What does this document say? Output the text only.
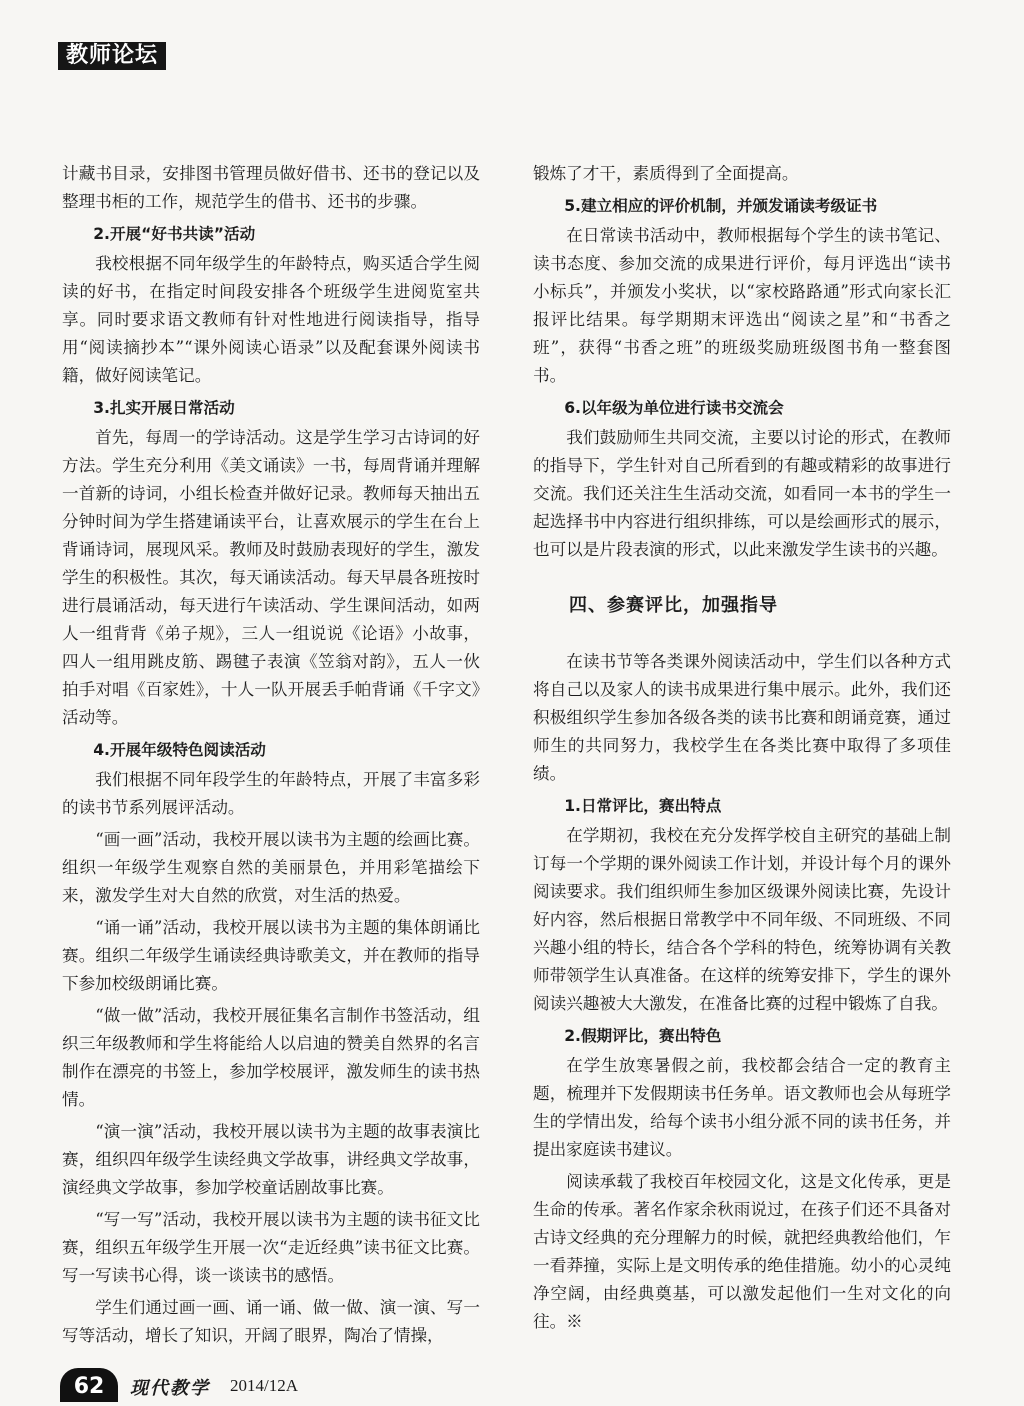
教师论坛

计藏书目录，安排图书管理员做好借书、还书的登记以及整理书柜的工作，规范学生的借书、还书的步骤。

2.开展“好书共读”活动

我校根据不同年级学生的年龄特点，购买适合学生阅读的好书，在指定时间段安排各个班级学生进阅览室共享。同时要求语文教师有针对性地进行阅读指导，指导用“阅读摘抄本”“课外阅读心语录”以及配套课外阅读书籍，做好阅读笔记。

3.扎实开展日常活动

首先，每周一的学诗活动。这是学生学习古诗词的好方法。学生充分利用《美文诵读》一书，每周背诵并理解一首新的诗词，小组长检查并做好记录。教师每天抽出五分钟时间为学生搭建诵读平台，让喜欢展示的学生在台上背诵诗词，展现风采。教师及时鼓励表现好的学生，激发学生的积极性。其次，每天诵读活动。每天早晨各班按时进行晨诵活动，每天进行午读活动、学生课间活动，如两人一组背背《弟子规》，三人一组说说《论语》小故事，四人一组用跳皮筋、踢毽子表演《笠翁对韵》，五人一伙拍手对唱《百家姓》，十人一队开展丢手帕背诵《千字文》活动等。

4.开展年级特色阅读活动

我们根据不同年段学生的年龄特点，开展了丰富多彩的读书节系列展评活动。

“画一画”活动，我校开展以读书为主题的绘画比赛。组织一年级学生观察自然的美丽景色，并用彩笔描绘下来，激发学生对大自然的欣赏，对生活的热爱。

“诵一诵”活动，我校开展以读书为主题的集体朗诵比赛。组织二年级学生诵读经典诗歌美文，并在教师的指导下参加校级朗诵比赛。

“做一做”活动，我校开展征集名言制作书签活动，组织三年级教师和学生将能给人以启迪的赞美自然界的名言制作在漂亮的书签上，参加学校展评，激发师生的读书热情。

“演一演”活动，我校开展以读书为主题的故事表演比赛，组织四年级学生读经典文学故事，讲经典文学故事，演经典文学故事，参加学校童话剧故事比赛。

“写一写”活动，我校开展以读书为主题的读书征文比赛，组织五年级学生开展一次“走近经典”读书征文比赛。写一写读书心得，谈一谈读书的感悟。

学生们通过画一画、诵一诵、做一做、演一演、写一写等活动，增长了知识，开阔了眼界，陶冶了情操，

锻炼了才干，素质得到了全面提高。

5.建立相应的评价机制，并颁发诵读考级证书

在日常读书活动中，教师根据每个学生的读书笔记、读书态度、参加交流的成果进行评价，每月评选出“读书小标兵”，并颁发小奖状，以“家校路路通”形式向家长汇报评比结果。每学期期末评选出“阅读之星”和“书香之班”，获得“书香之班”的班级奖励班级图书角一整套图书。

6.以年级为单位进行读书交流会

我们鼓励师生共同交流，主要以讨论的形式，在教师的指导下，学生针对自己所看到的有趣或精彩的故事进行交流。我们还关注生生活动交流，如看同一本书的学生一起选择书中内容进行组织排练，可以是绘画形式的展示，也可以是片段表演的形式，以此来激发学生读书的兴趣。

四、参赛评比，加强指导

在读书节等各类课外阅读活动中，学生们以各种方式将自己以及家人的读书成果进行集中展示。此外，我们还积极组织学生参加各级各类的读书比赛和朗诵竞赛，通过师生的共同努力，我校学生在各类比赛中取得了多项佳绩。

1.日常评比，赛出特点

在学期初，我校在充分发挥学校自主研究的基础上制订每一个学期的课外阅读工作计划，并设计每个月的课外阅读要求。我们组织师生参加区级课外阅读比赛，先设计好内容，然后根据日常教学中不同年级、不同班级、不同兴趣小组的特长，结合各个学科的特色，统筹协调有关教师带领学生认真准备。在这样的统筹安排下，学生的课外阅读兴趣被大大激发，在准备比赛的过程中锻炼了自我。

2.假期评比，赛出特色

在学生放寒暑假之前，我校都会结合一定的教育主题，梳理并下发假期读书任务单。语文教师也会从每班学生的学情出发，给每个读书小组分派不同的读书任务，并提出家庭读书建议。

阅读承载了我校百年校园文化，这是文化传承，更是生命的传承。著名作家余秋雨说过，在孩子们还不具备对古诗文经典的充分理解力的时候，就把经典教给他们，乍一看莽撞，实际上是文明传承的绝佳措施。幼小的心灵纯净空阔，由经典奠基，可以激发起他们一生对文化的向往。※

62	现代教学 2014/12A
